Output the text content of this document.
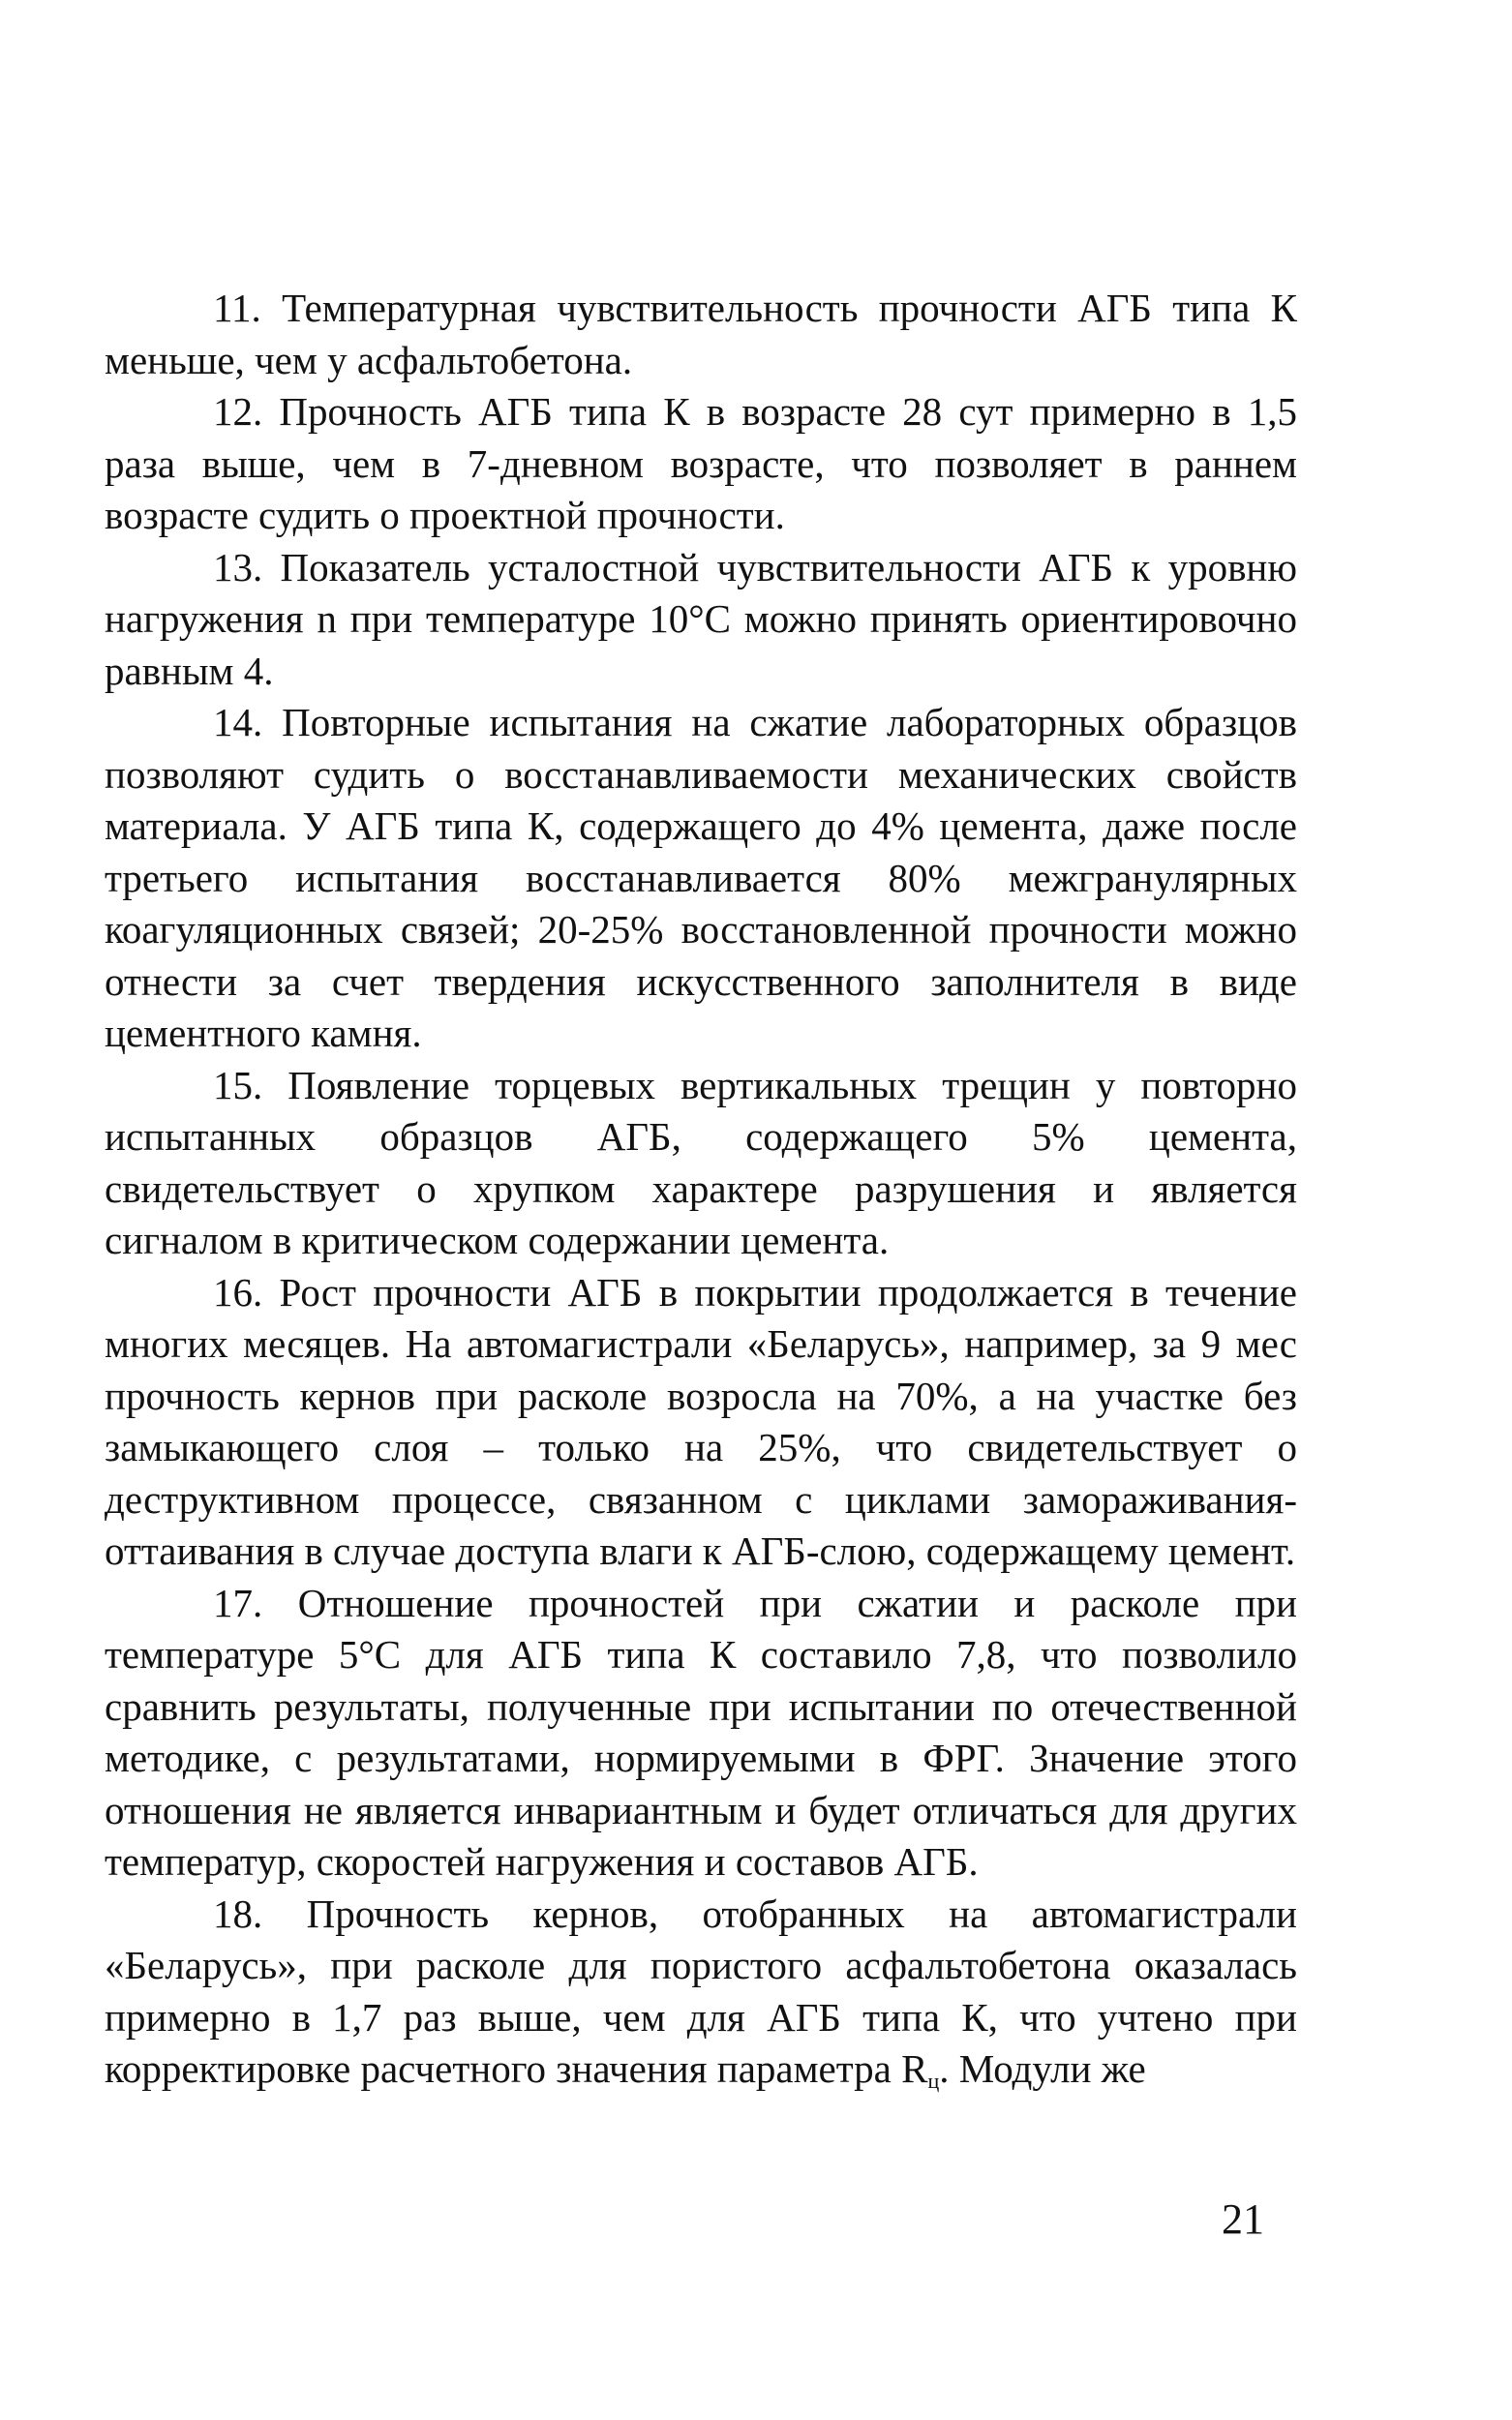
11. Температурная чувствительность прочности АГБ типа К меньше, чем у асфальтобетона.

12. Прочность АГБ типа К в возрасте 28 сут примерно в 1,5 раза выше, чем в 7-дневном возрасте, что позволяет в раннем возрасте судить о проектной прочности.

13. Показатель усталостной чувствительности АГБ к уровню нагружения n при температуре 10°С можно принять ориентировочно равным 4.

14. Повторные испытания на сжатие лабораторных образцов позволяют судить о восстанавливаемости механических свойств материала. У АГБ типа К, содержащего до 4% цемента, даже после третьего испытания восстанавливается 80% межгранулярных коагуляционных связей; 20-25% восстановленной прочности можно отнести за счет твердения искусственного заполнителя в виде цементного камня.

15. Появление торцевых вертикальных трещин у повторно испытанных образцов АГБ, содержащего 5% цемента, свидетельствует о хрупком характере разрушения и является сигналом в критическом содержании цемента.

16. Рост прочности АГБ в покрытии продолжается в течение многих месяцев. На автомагистрали «Беларусь», например, за 9 мес прочность кернов при расколе возросла на 70%, а на участке без замыкающего слоя – только на 25%, что свидетельствует о деструктивном процессе, связанном с циклами замораживания-оттаивания в случае доступа влаги к АГБ-слою, содержащему цемент.

17. Отношение прочностей при сжатии и расколе при температуре 5°С для АГБ типа К составило 7,8, что позволило сравнить результаты, полученные при испытании по отечественной методике, с результатами, нормируемыми в ФРГ. Значение этого отношения не является инвариантным и будет отличаться для других температур, скоростей нагружения и составов АГБ.

18. Прочность кернов, отобранных на автомагистрали «Беларусь», при расколе для пористого асфальтобетона оказалась примерно в 1,7 раз выше, чем для АГБ типа К, что учтено при корректировке расчетного значения параметра $R_ц$. Модули же

21
